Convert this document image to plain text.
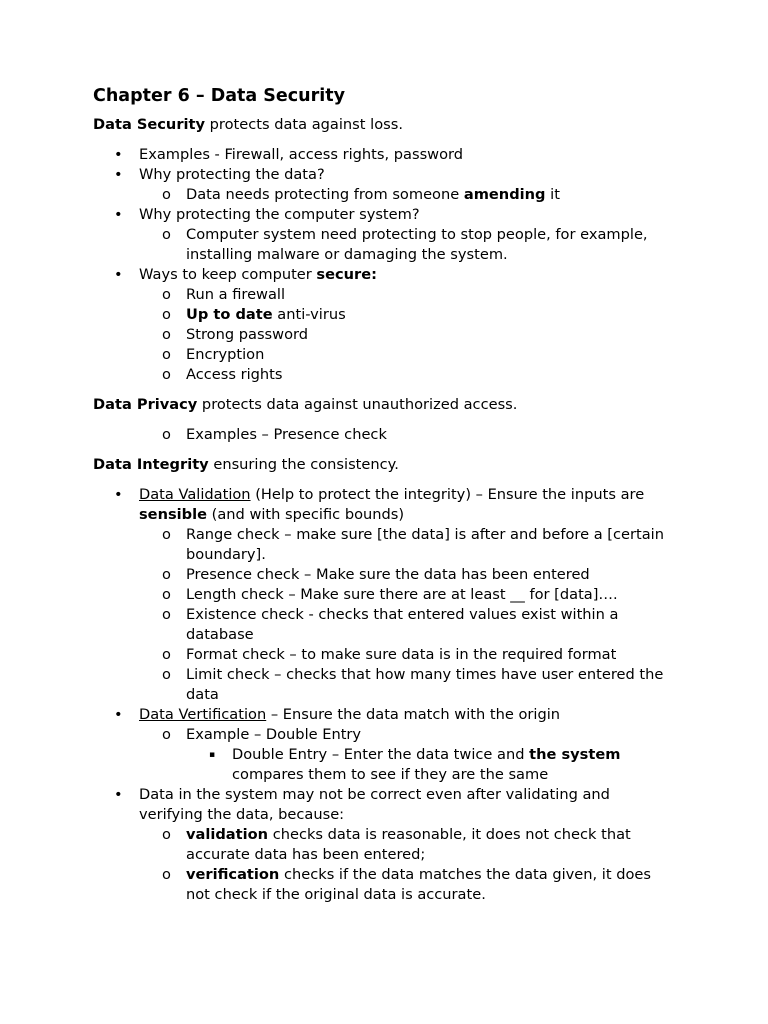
Chapter 6 – Data Security
Data Security protects data against loss.
• Examples - Firewall, access rights, password
• Why protecting the data?
o Data needs protecting from someone amending it
• Why protecting the computer system?
o Computer system need protecting to stop people, for example, installing malware or damaging the system.
• Ways to keep computer secure:
o Run a firewall
o Up to date anti-virus
o Strong password
o Encryption
o Access rights
Data Privacy protects data against unauthorized access.
o Examples – Presence check
Data Integrity ensuring the consistency.
• Data Validation (Help to protect the integrity) – Ensure the inputs are sensible (and with specific bounds)
o Range check – make sure [the data] is after and before a [certain boundary].
o Presence check – Make sure the data has been entered
o Length check – Make sure there are at least __ for [data]….
o Existence check - checks that entered values exist within a database
o Format check – to make sure data is in the required format
o Limit check – checks that how many times have user entered the data
• Data Vertification – Ensure the data match with the origin
o Example – Double Entry
▪ Double Entry – Enter the data twice and the system compares them to see if they are the same
• Data in the system may not be correct even after validating and verifying the data, because:
o validation checks data is reasonable, it does not check that accurate data has been entered;
o verification checks if the data matches the data given, it does not check if the original data is accurate.
